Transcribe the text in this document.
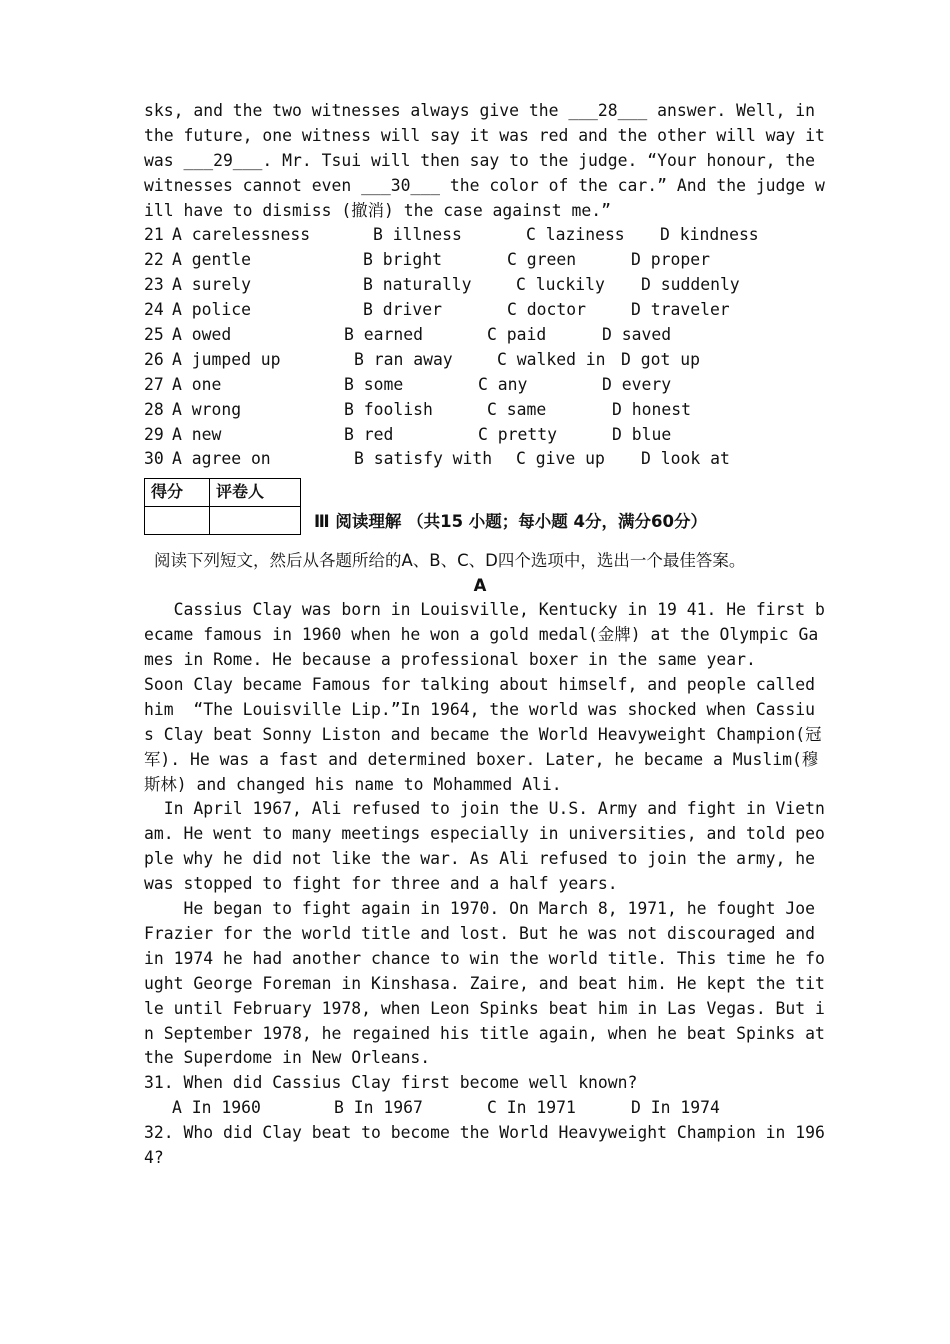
sks, and the two witnesses always give the ___28___ answer. Well, in
the future, one witness will say it was red and the other will way it
was ___29___. Mr. Tsui will then say to the judge. “Your honour, the
witnesses cannot even ___30___ the color of the car.” And the judge w
ill have to dismiss (撤消) the case against me.”
21 A carelessness	B illness	C laziness D kindness
22 A gentle	B bright	C green	D proper
23 A surely	B naturally	C luckily D suddenly
24 A police	B driver	C doctor	D traveler
25 A owed	B earned	C paid	D saved
26 A jumped up	B ran away	C walked in D got up
27 A one	B some	C any	D every
28 A wrong	B foolish	C same	D honest
29 A new	B red	C pretty	D blue
30 A agree on	B satisfy with C give up D look at
得分	评卷人

Ⅲ 阅读理解 （共15 小题；每小题 4分，满分60分）
阅读下列短文，然后从各题所给的A、B、C、D四个选项中，选出一个最佳答案。
A
Cassius Clay was born in Louisville, Kentucky in 19 41. He first b
ecame famous in 1960 when he won a gold medal(金牌) at the Olympic Ga
mes in Rome. He because a professional boxer in the same year.
Soon Clay became Famous for talking about himself, and people called
him  “The Louisville Lip.”In 1964, the world was shocked when Cassiu
s Clay beat Sonny Liston and became the World Heavyweight Champion(冠
军). He was a fast and determined boxer. Later, he became a Muslim(穆
斯林) and changed his name to Mohammed Ali.
In April 1967, Ali refused to join the U.S. Army and fight in Vietn
am. He went to many meetings especially in universities, and told peo
ple why he did not like the war. As Ali refused to join the army, he
was stopped to fight for three and a half years.
He began to fight again in 1970. On March 8, 1971, he fought Joe
Frazier for the world title and lost. But he was not discouraged and
in 1974 he had another chance to win the world title. This time he fo
ught George Foreman in Kinshasa. Zaire, and beat him. He kept the tit
le until February 1978, when Leon Spinks beat him in Las Vegas. But i
n September 1978, he regained his title again, when he beat Spinks at
the Superdome in New Orleans.
31. When did Cassius Clay first become well known?
A In 1960	B In 1967	C In 1971	D In 1974
32. Who did Clay beat to become the World Heavyweight Champion in 196
4?
